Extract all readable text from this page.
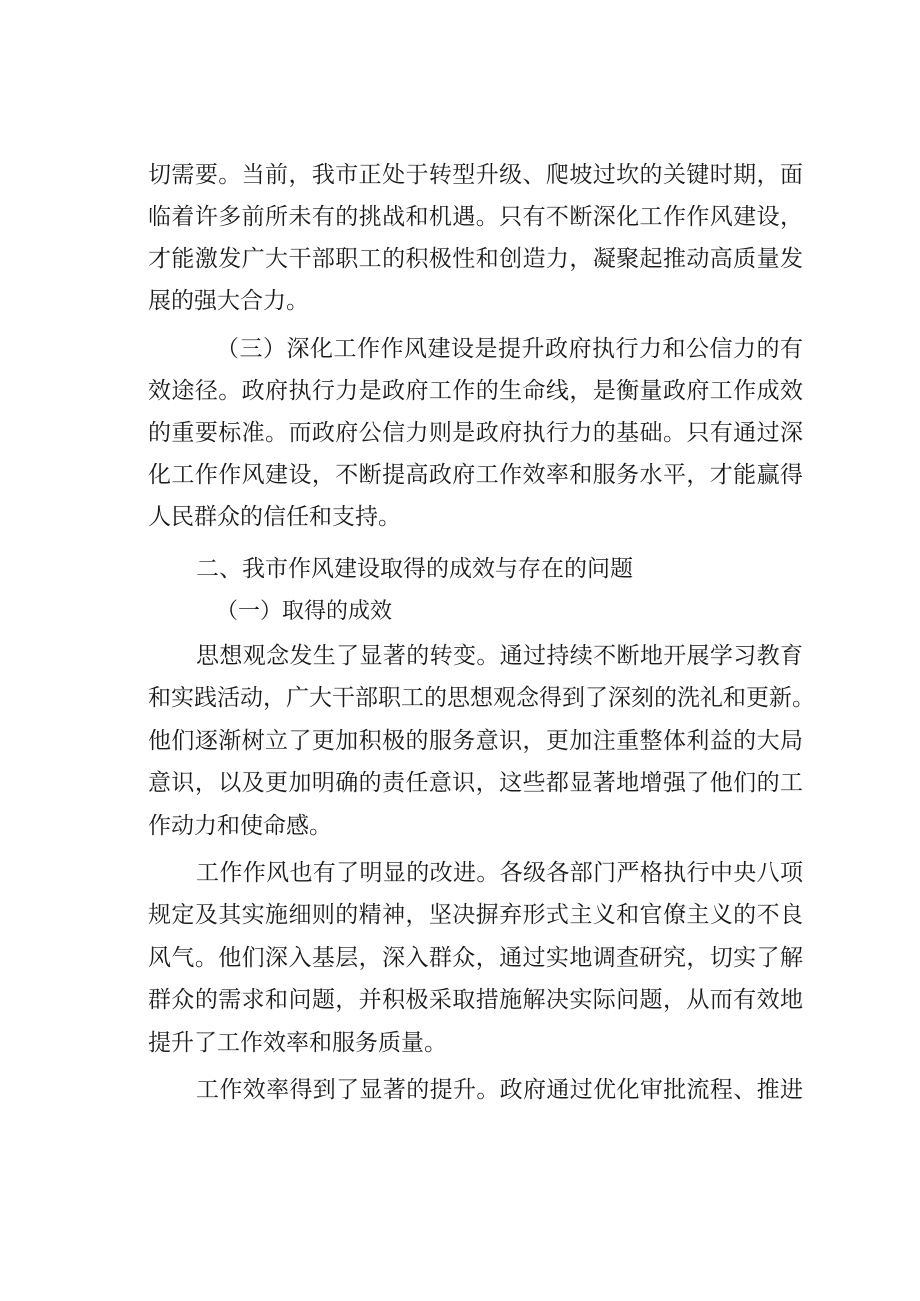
切需要。当前，我市正处于转型升级、爬坡过坎的关键时期，面
临着许多前所未有的挑战和机遇。只有不断深化工作作风建设，
才能激发广大干部职工的积极性和创造力，凝聚起推动高质量发
展的强大合力。
（三）深化工作作风建设是提升政府执行力和公信力的有
效途径。政府执行力是政府工作的生命线，是衡量政府工作成效
的重要标准。而政府公信力则是政府执行力的基础。只有通过深
化工作作风建设，不断提高政府工作效率和服务水平，才能赢得
人民群众的信任和支持。
二、我市作风建设取得的成效与存在的问题
（一）取得的成效
思想观念发生了显著的转变。通过持续不断地开展学习教育
和实践活动，广大干部职工的思想观念得到了深刻的洗礼和更新。
他们逐渐树立了更加积极的服务意识，更加注重整体利益的大局
意识，以及更加明确的责任意识，这些都显著地增强了他们的工
作动力和使命感。
工作作风也有了明显的改进。各级各部门严格执行中央八项
规定及其实施细则的精神，坚决摒弃形式主义和官僚主义的不良
风气。他们深入基层，深入群众，通过实地调查研究，切实了解
群众的需求和问题，并积极采取措施解决实际问题，从而有效地
提升了工作效率和服务质量。
工作效率得到了显著的提升。政府通过优化审批流程、推进
